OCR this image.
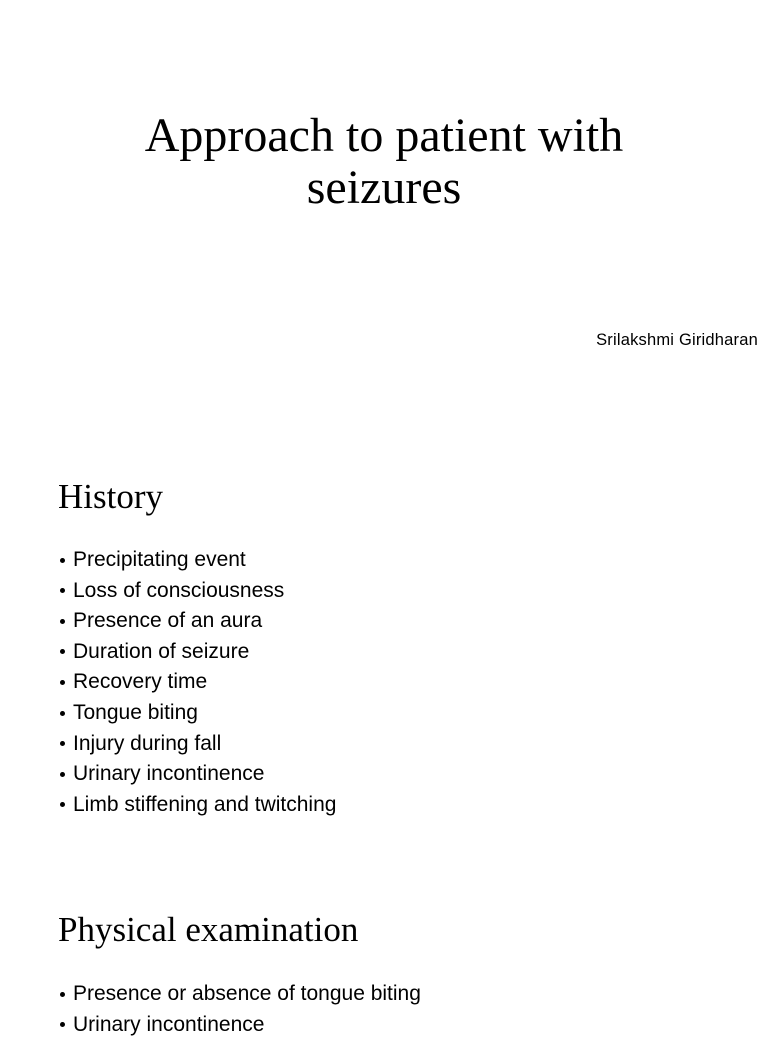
Approach to patient with
seizures
Srilakshmi Giridharan
History
Precipitating event
Loss of consciousness
Presence of an aura
Duration of seizure
Recovery time
Tongue biting
Injury during fall
Urinary incontinence
Limb stiffening and twitching
Physical examination
Presence or absence of tongue biting
Urinary incontinence
